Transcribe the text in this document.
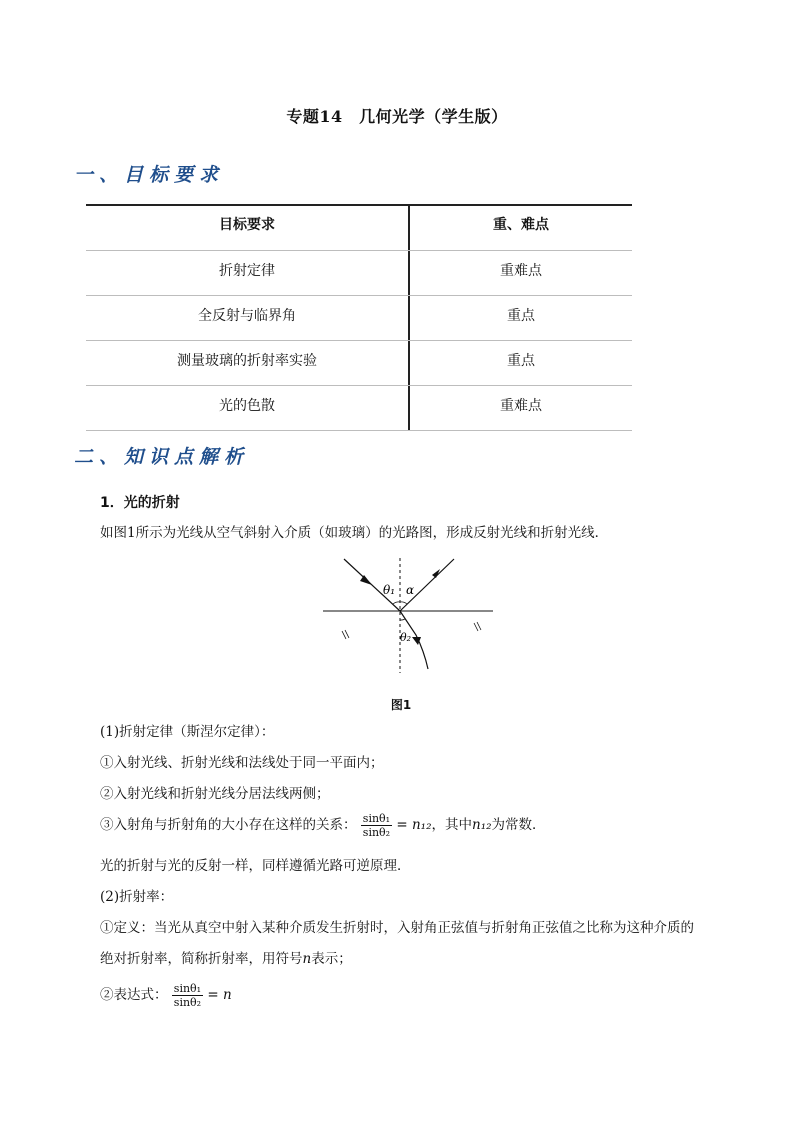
专题14　几何光学（学生版）
一、目标要求
目标要求	重、难点
折射定律	重难点
全反射与临界角	重点
测量玻璃的折射率实验	重点
光的色散	重难点
二、知识点解析
1．光的折射
如图1所示为光线从空气斜射入介质（如玻璃）的光路图，形成反射光线和折射光线．
θ₁ α
θ₂
图1
(1)折射定律（斯涅尔定律）：
①入射光线、折射光线和法线处于同一平面内；
②入射光线和折射光线分居法线两侧；
③入射角与折射角的大小存在这样的关系： $\frac{\text{sinθ₁}}{\text{sinθ₂}} = n_{12}$，其中n₁₂为常数．
光的折射与光的反射一样，同样遵循光路可逆原理．
(2)折射率：
①定义：当光从真空中射入某种介质发生折射时，入射角正弦值与折射角正弦值之比称为这种介质的
绝对折射率，简称折射率，用符号n表示；
②表达式： $\frac{\text{sinθ₁}}{\text{sinθ₂}} = n$
